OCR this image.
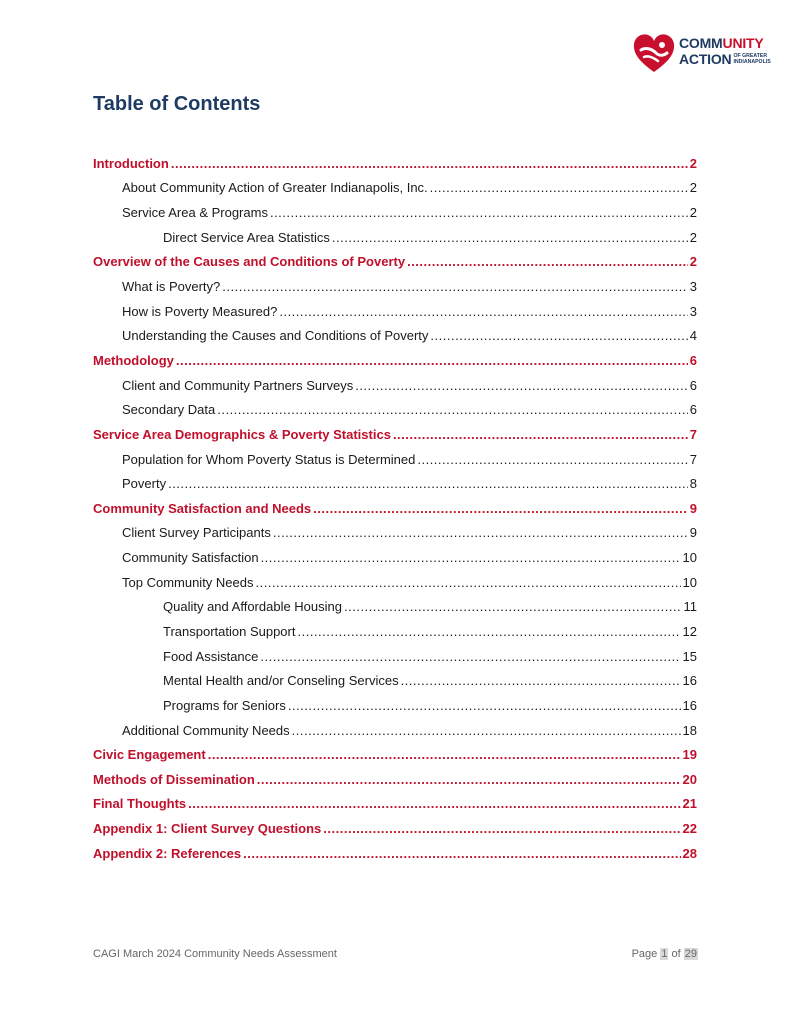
COMMUNITY
ACTION OF GREATER
INDIANAPOLIS
Table of Contents
Introduction .....	2
About Community Action of Greater Indianapolis, Inc. .....	2
Service Area & Programs .....	2
Direct Service Area Statistics .....	2
Overview of the Causes and Conditions of Poverty .....	2
What is Poverty? .....	3
How is Poverty Measured? .....	3
Understanding the Causes and Conditions of Poverty .....	4
Methodology .....	6
Client and Community Partners Surveys .....	6
Secondary Data .....	6
Service Area Demographics & Poverty Statistics .....	7
Population for Whom Poverty Status is Determined .....	7
Poverty .....	8
Community Satisfaction and Needs .....	9
Client Survey Participants .....	9
Community Satisfaction .....	10
Top Community Needs .....	10
Quality and Affordable Housing .....	11
Transportation Support .....	12
Food Assistance .....	15
Mental Health and/or Conseling Services .....	16
Programs for Seniors .....	16
Additional Community Needs .....	18
Civic Engagement .....	19
Methods of Dissemination .....	20
Final Thoughts .....	21
Appendix 1: Client Survey Questions .....	22
Appendix 2: References .....	28
CAGI March 2024 Community Needs Assessment	Page 1 of 29
